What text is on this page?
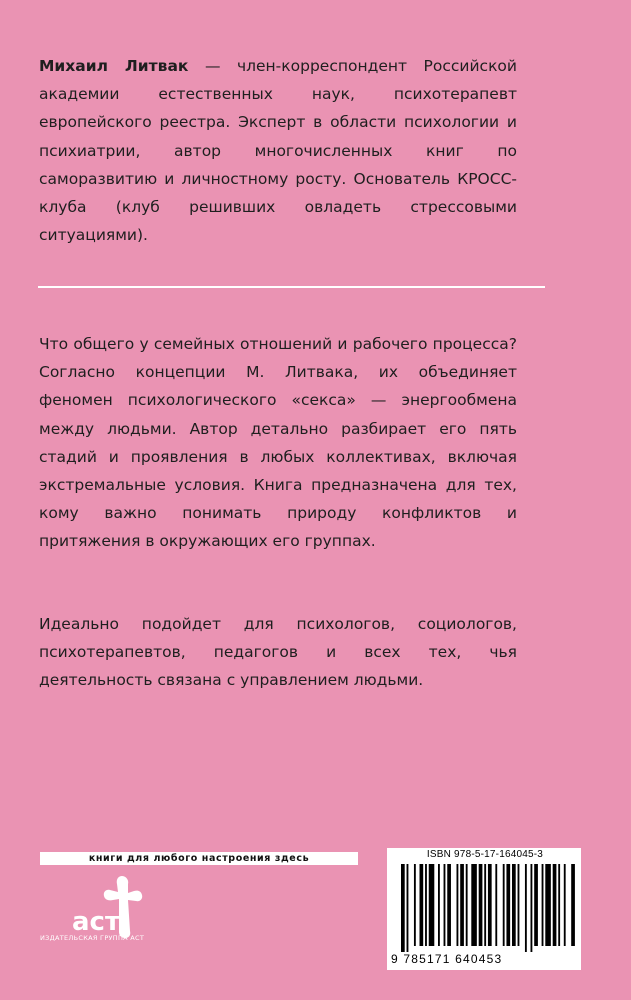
Михаил Литвак — член-корреспондент Российской академии естественных наук, психотерапевт европейского реестра. Эксперт в области психологии и психиатрии, автор многочисленных книг по саморазвитию и личностному росту. Основатель КРОСС-клуба (клуб решивших овладеть стрессовыми ситуациями).

Что общего у семейных отношений и рабочего процесса? Согласно концепции М. Литвака, их объединяет феномен психологического «секса» — энергообмена между людьми. Автор детально разбирает его пять стадий и проявления в любых коллективах, включая экстремальные условия. Книга предназначена для тех, кому важно понимать природу конфликтов и притяжения в окружающих его группах.

Идеально подойдет для психологов, социологов, психотерапевтов, педагогов и всех тех, чья деятельность связана с управлением людьми.

книги для любого настроения здесь
аст
ИЗДАТЕЛЬСКАЯ ГРУППА АСТ
ISBN 978-5-17-164045-3
9 785171 640453
